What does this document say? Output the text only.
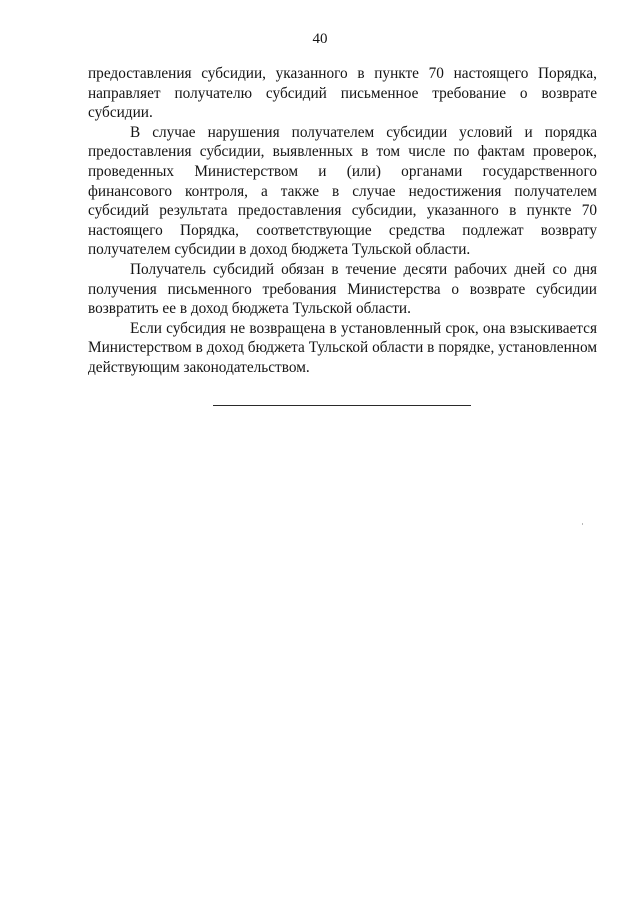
40

предоставления субсидии, указанного в пункте 70 настоящего Порядка, направляет получателю субсидий письменное требование о возврате субсидии.

В случае нарушения получателем субсидии условий и порядка предоставления субсидии, выявленных в том числе по фактам проверок, проведенных Министерством и (или) органами государственного финансового контроля, а также в случае недостижения получателем субсидий результата предоставления субсидии, указанного в пункте 70 настоящего Порядка, соответствующие средства подлежат возврату получателем субсидии в доход бюджета Тульской области.

Получатель субсидий обязан в течение десяти рабочих дней со дня получения письменного требования Министерства о возврате субсидии возвратить ее в доход бюджета Тульской области.

Если субсидия не возвращена в установленный срок, она взыскивается Министерством в доход бюджета Тульской области в порядке, установленном действующим законодательством.
